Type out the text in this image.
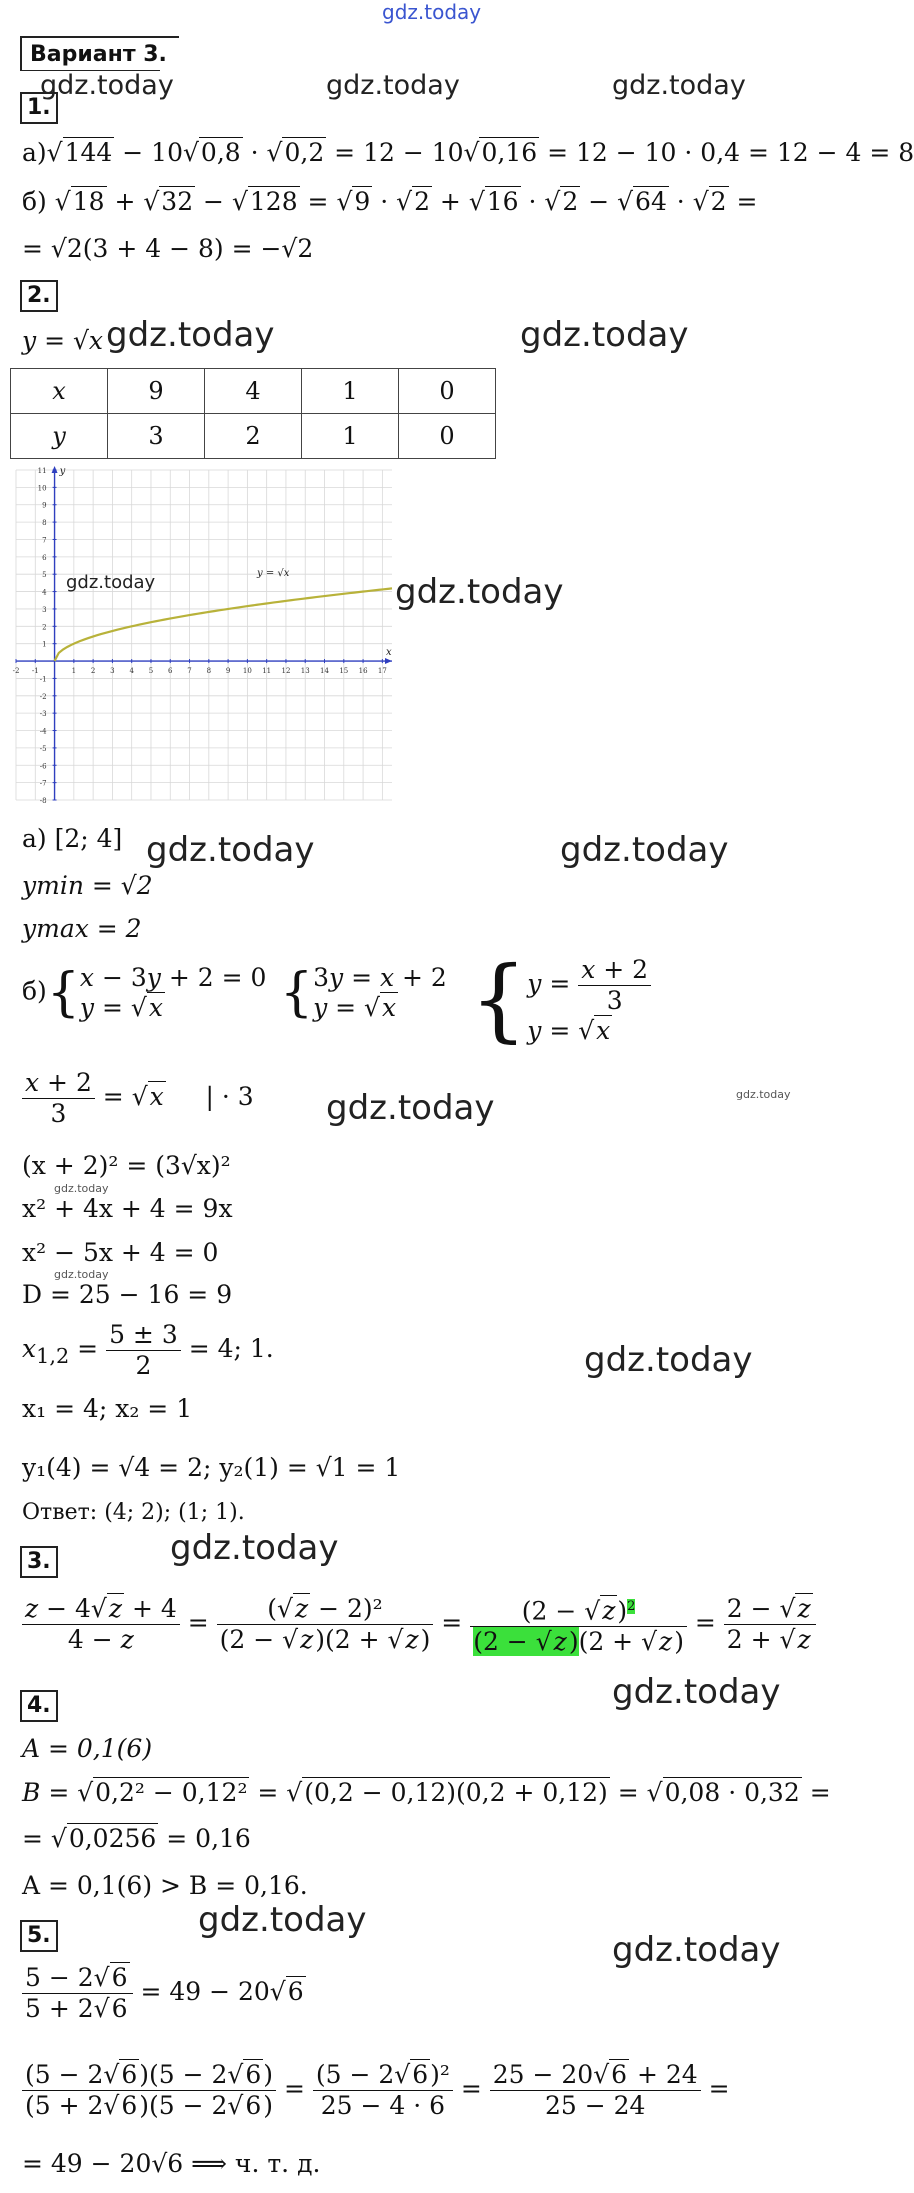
gdz.today
Вариант 3.
gdz.today	gdz.today	gdz.today
1.
а)√144 − 10√0,8 · √0,2 = 12 − 10√0,16 = 12 − 10 · 0,4 = 12 − 4 = 8
б) √18 + √32 − √128 = √9 · √2 + √16 · √2 − √64 · √2 =
= √2(3 + 4 − 8) = −√2
2.
y = √x gdz.today	gdz.today
x	9	4	1	0
y	3	2	1	0
x
y
-2 -1	1 2 3 4 5 6 7 8 9 10 11 12 13 14 15 16 17
-8
-7
-6
-5
-4
-3
-2
-1
1
2
3
4
5
6
7
8
9
10
11
y = √x
gdz.today	gdz.today
а) [2; 4] gdz.today	gdz.today
ymin = √2
ymax = 2
б){x − 3y + 2 = 0
y = √x	{3y = x + 2
y = √x {$y = \frac{x + 2}{3}$

y = √x
$\frac{x + 2}{3} = √x$     | · 3 gdz.today	gdz.today
(x + 2)² = (3√x)²
gdz.today
x² + 4x + 4 = 9x
x² − 5x + 4 = 0
gdz.today
D = 25 − 16 = 9
$x_{1,2} = \frac{5 \pm 3}{2} = 4$; 1.	gdz.today
x₁ = 4; x₂ = 1
y₁(4) = √4 = 2; y₂(1) = √1 = 1
Ответ: (4; 2); (1; 1).
3.	gdz.today
$\frac{z - 4√z + 4}{4 - z} = \frac{\text{(√z − 2)²}}{(2 - √z)(2 + √z)} = \frac{(2 - √z)^2}{(2 - √z)(2 + √z)} = \frac{2 - √z}{2 + √z}$
4.	gdz.today
A = 0,1(6)
B = √0,2² − 0,12² = √(0,2 − 0,12)(0,2 + 0,12) = √0,08 · 0,32 =
= √0,0256 = 0,16
A = 0,1(6) > B = 0,16.
5.	gdz.today
gdz.today
$\frac{5 - 2√6}{5 + 2√6} = 49 - 20√6$
$\frac{(5 - 2√6)(5 - 2√6)}{(5 + 2√6)(5 - 2√6)} = \frac{\text{(5 − 2√6)²}}{25 - 4 \cdot 6} = \frac{25 - 20√6 + 24}{25 - 24}$ =
= 49 − 20√6 ⟹ ч. т. д.
